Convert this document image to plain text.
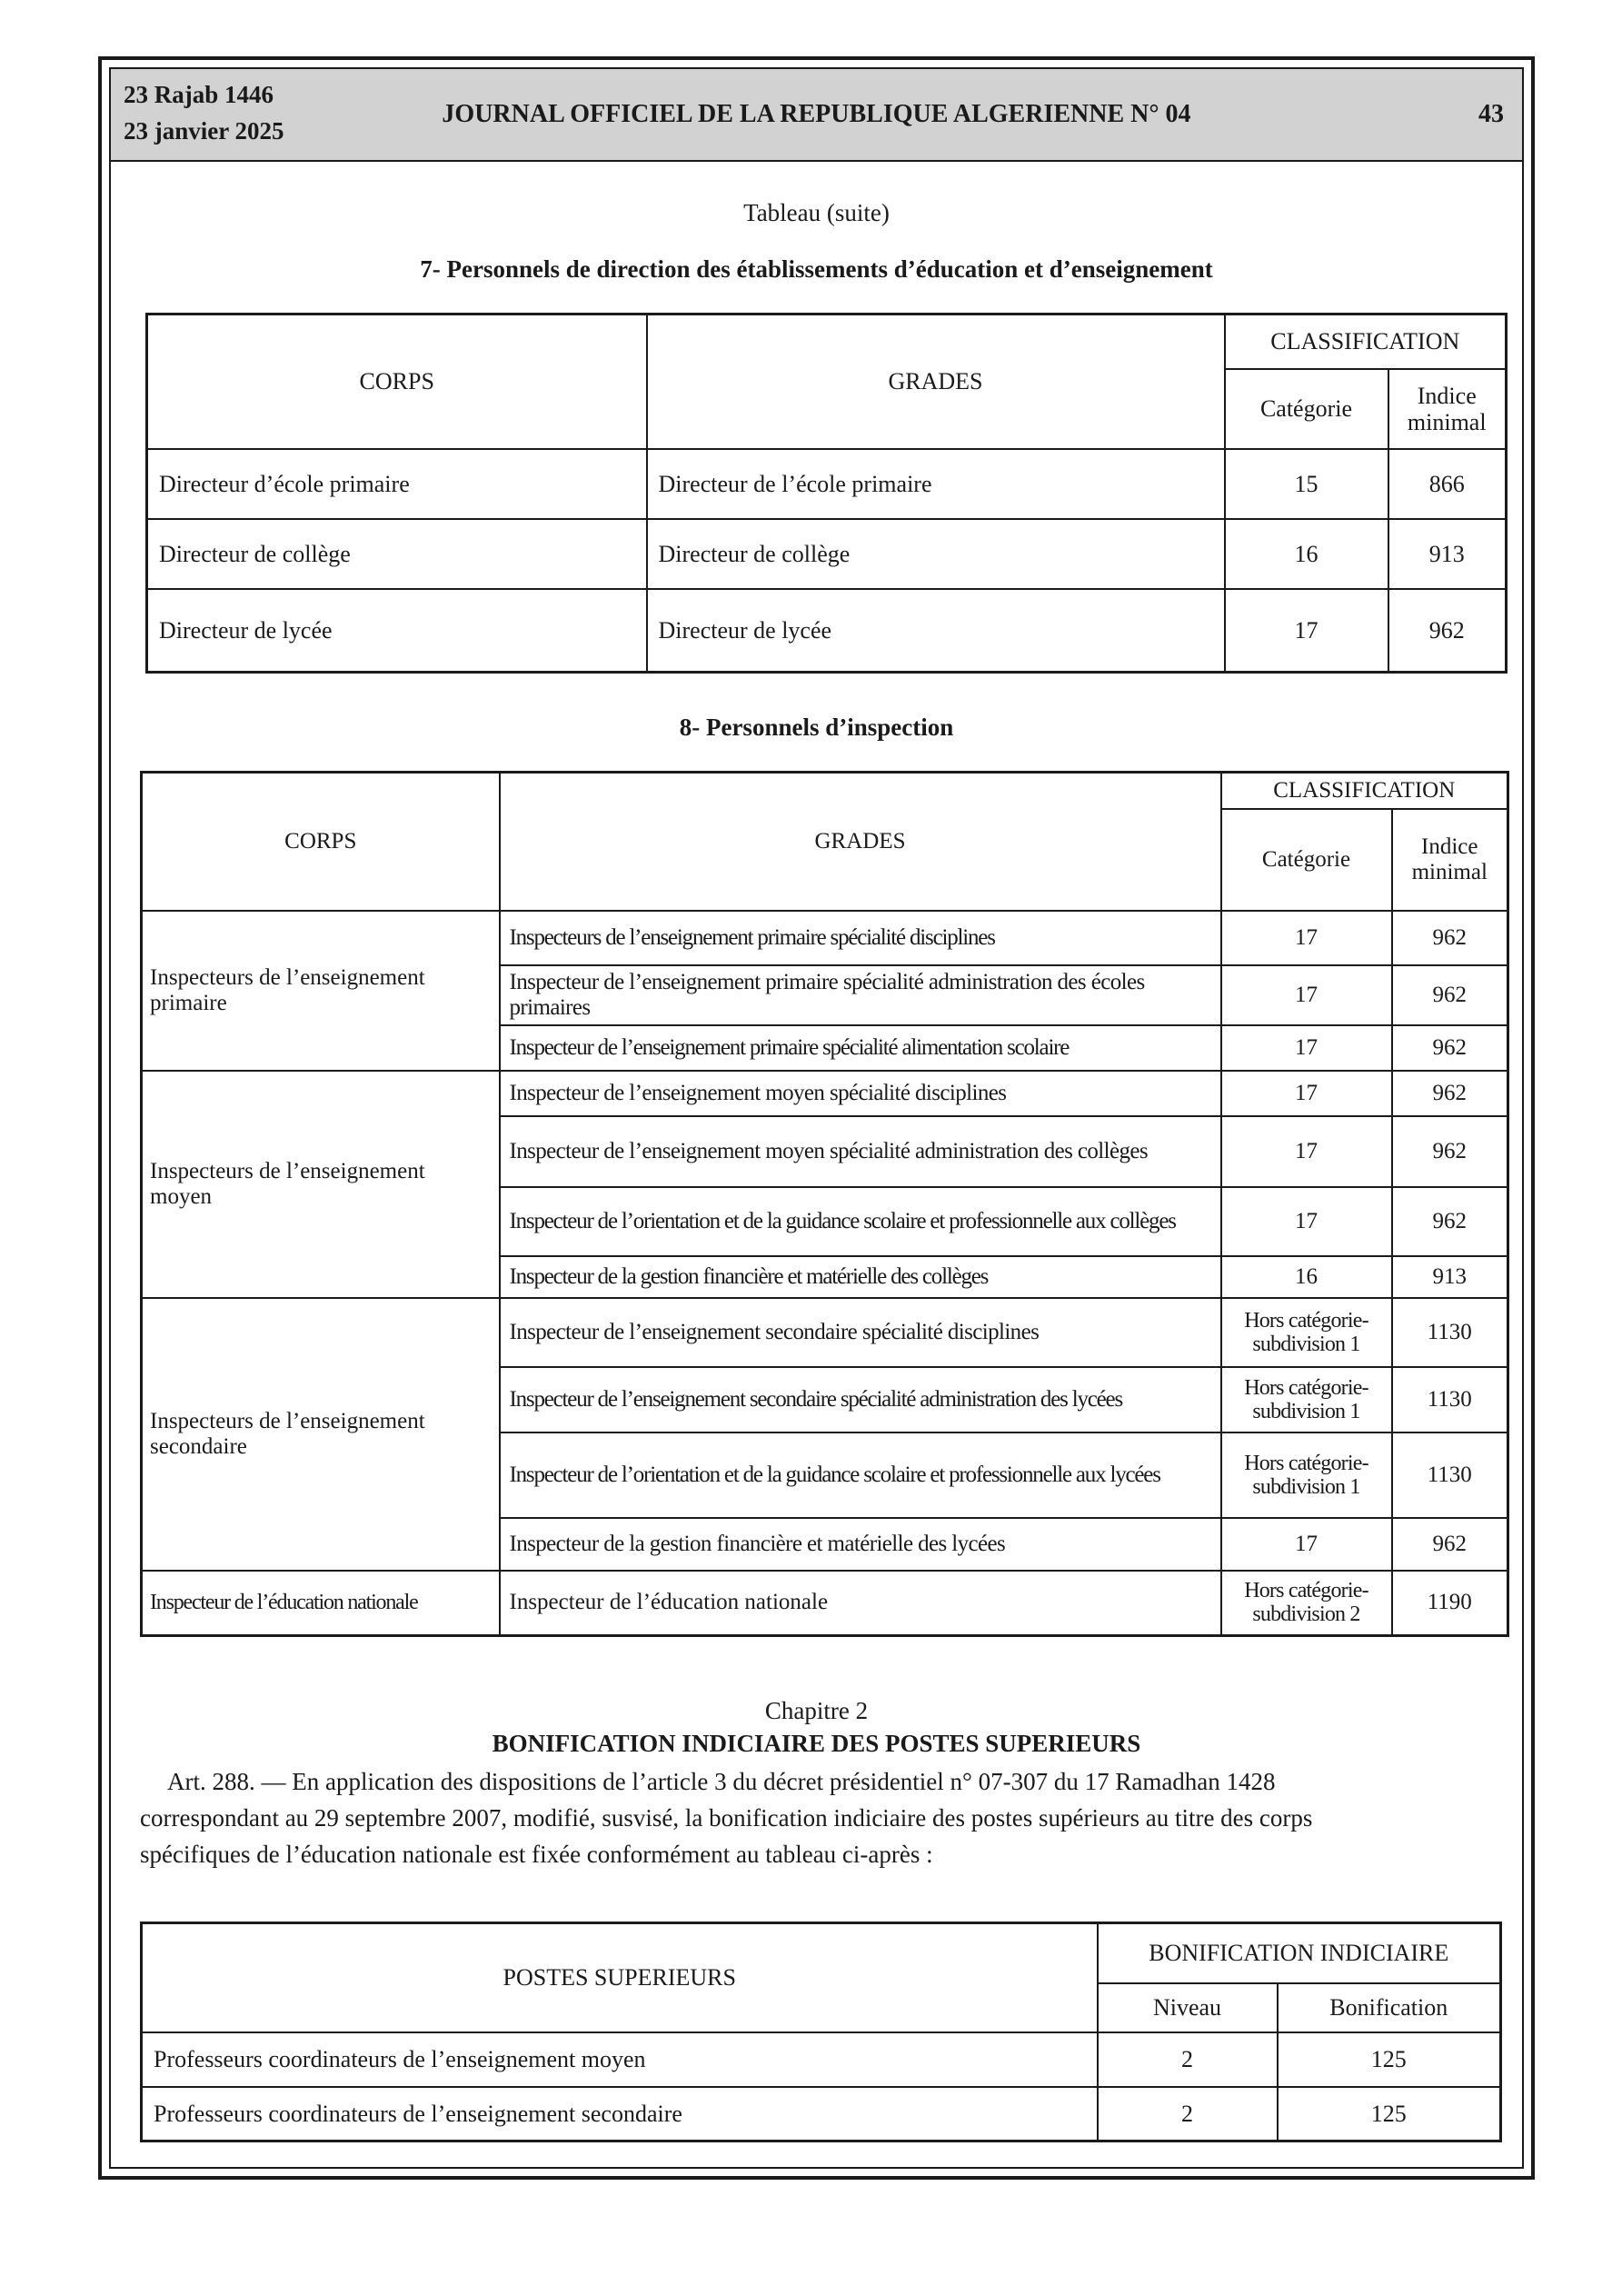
23 Rajab 1446
23 janvier 2025
JOURNAL OFFICIEL DE LA REPUBLIQUE ALGERIENNE N° 04	43
Tableau (suite)
7- Personnels de direction des établissements d’éducation et d’enseignement
CORPS	GRADES	CLASSIFICATION	
		Catégorie	Indice minimal
Directeur d’école primaire	Directeur de l’école primaire	15	866
Directeur de collège	Directeur de collège	16	913
Directeur de lycée	Directeur de lycée	17	962
8- Personnels d’inspection
CORPS	GRADES	CLASSIFICATION	
		Catégorie	Indice minimal
Inspecteurs de l’enseignement primaire	Inspecteurs de l’enseignement primaire spécialité disciplines	17	962
	Inspecteur de l’enseignement primaire spécialité administration des écoles primaires	17	962
	Inspecteur de l’enseignement primaire spécialité alimentation scolaire	17	962
Inspecteurs de l’enseignement moyen	Inspecteur de l’enseignement moyen spécialité disciplines	17	962
	Inspecteur de l’enseignement moyen spécialité administration des collèges	17	962
	Inspecteur de l’orientation et de la guidance scolaire et professionnelle aux collèges	17	962
	Inspecteur de la gestion financière et matérielle des collèges	16	913
Inspecteurs de l’enseignement secondaire	Inspecteur de l’enseignement secondaire spécialité disciplines	Hors catégorie-subdivision 1	1130
	Inspecteur de l’enseignement secondaire spécialité administration des lycées	Hors catégorie-subdivision 1	1130
	Inspecteur de l’orientation et de la guidance scolaire et professionnelle aux lycées	Hors catégorie-subdivision 1	1130
	Inspecteur de la gestion financière et matérielle des lycées	17	962
Inspecteur de l’éducation nationale	Inspecteur de l’éducation nationale	Hors catégorie-subdivision 2	1190
Chapitre 2
BONIFICATION INDICIAIRE DES POSTES SUPERIEURS
Art. 288. — En application des dispositions de l’article 3 du décret présidentiel n° 07-307 du 17 Ramadhan 1428
correspondant au 29 septembre 2007, modifié, susvisé, la bonification indiciaire des postes supérieurs au titre des corps
spécifiques de l’éducation nationale est fixée conformément au tableau ci-après :
POSTES SUPERIEURS	BONIFICATION INDICIAIRE	
	Niveau	Bonification
Professeurs coordinateurs de l’enseignement moyen	2	125
Professeurs coordinateurs de l’enseignement secondaire	2	125
